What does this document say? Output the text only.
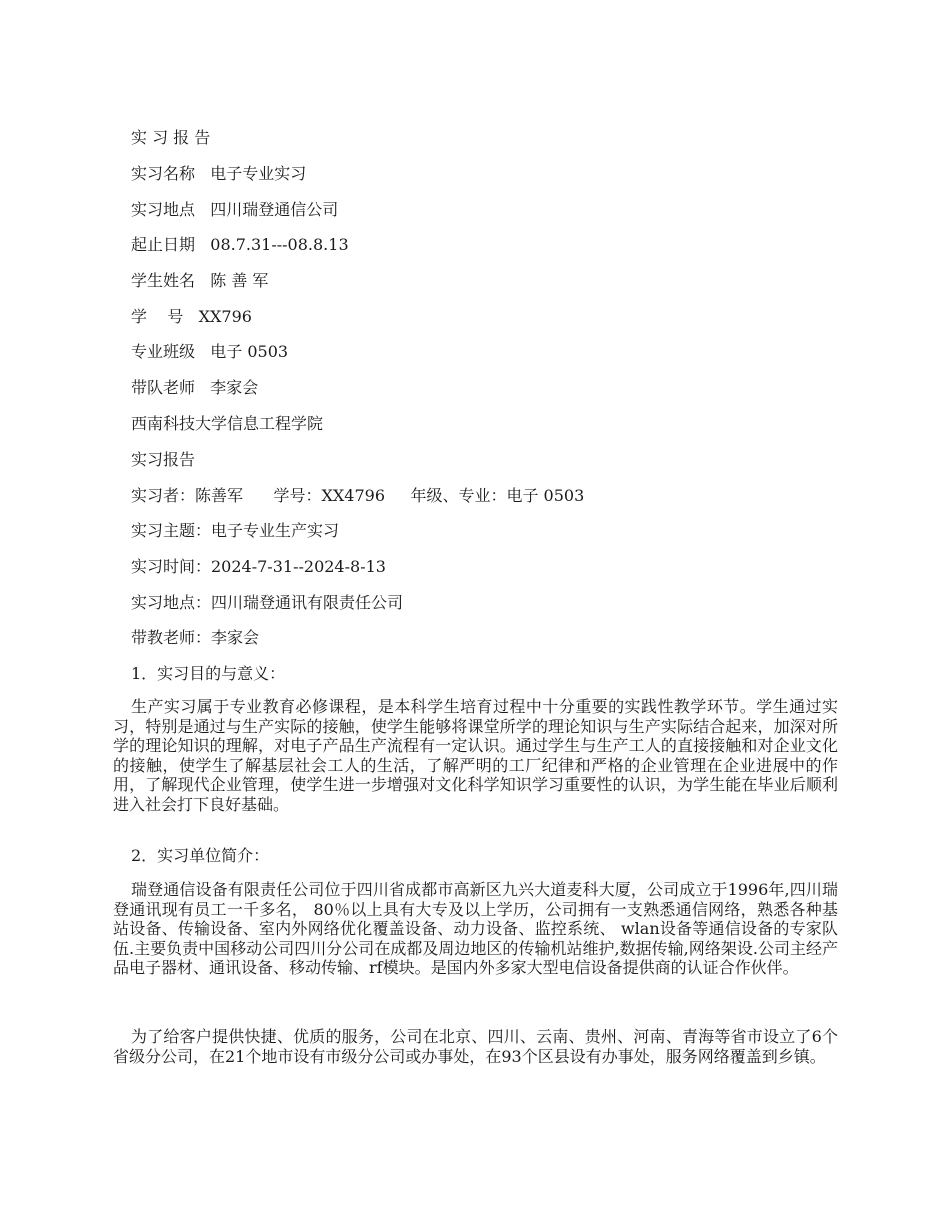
实 习 报 告
实习名称   电子专业实习
实习地点   四川瑞登通信公司
起止日期   08.7.31---08.8.13
学生姓名   陈 善 军
学    号   XX796
专业班级   电子 0503
带队老师   李家会
西南科技大学信息工程学院
实习报告
实习者：陈善军      学号：XX4796     年级、专业：电子 0503
实习主题：电子专业生产实习
实习时间：2024-7-31--2024-8-13
实习地点：四川瑞登通讯有限责任公司
带教老师：李家会
1．实习目的与意义：
生产实习属于专业教育必修课程，是本科学生培育过程中十分重要的实践性教学环节。学生通过实习，特别是通过与生产实际的接触，使学生能够将课堂所学的理论知识与生产实际结合起来，加深对所学的理论知识的理解，对电子产品生产流程有一定认识。通过学生与生产工人的直接接触和对企业文化的接触，使学生了解基层社会工人的生活，了解严明的工厂纪律和严格的企业管理在企业进展中的作用，了解现代企业管理，使学生进一步增强对文化科学知识学习重要性的认识，为学生能在毕业后顺利进入社会打下良好基础。
2．实习单位简介：
瑞登通信设备有限责任公司位于四川省成都市高新区九兴大道麦科大厦，公司成立于1996年,四川瑞登通讯现有员工一千多名， 80％以上具有大专及以上学历，公司拥有一支熟悉通信网络，熟悉各种基站设备、传输设备、室内外网络优化覆盖设备、动力设备、监控系统、 wlan设备等通信设备的专家队伍.主要负责中国移动公司四川分公司在成都及周边地区的传输机站维护,数据传输,网络架设.公司主经产品电子器材、通讯设备、移动传输、rf模块。是国内外多家大型电信设备提供商的认证合作伙伴。
为了给客户提供快捷、优质的服务，公司在北京、四川、云南、贵州、河南、青海等省市设立了6个省级分公司，在21个地市设有市级分公司或办事处，在93个区县设有办事处，服务网络覆盖到乡镇。
